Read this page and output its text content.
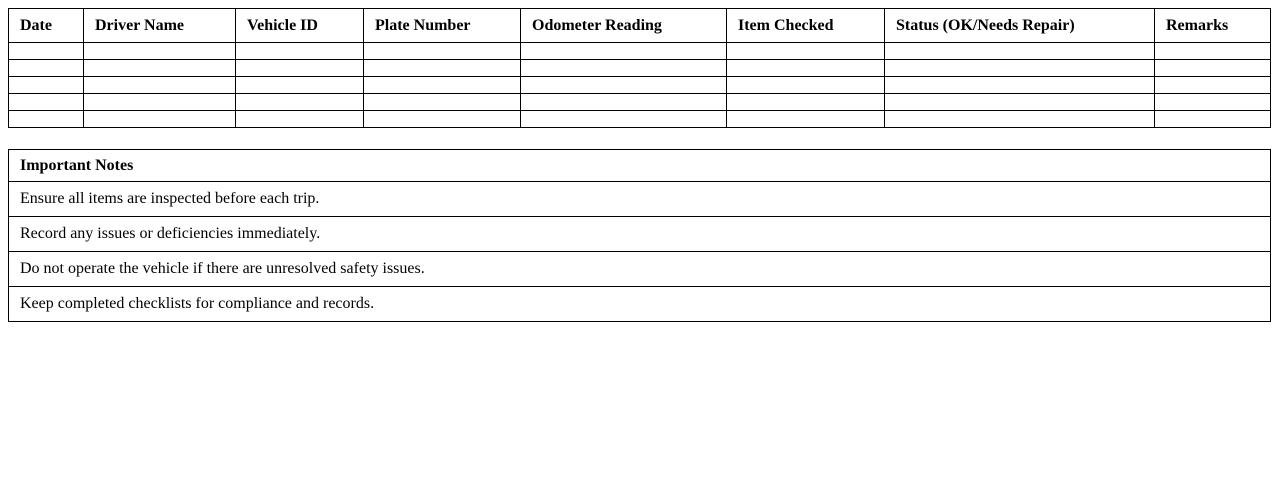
Date	Driver Name	Vehicle ID	Plate Number	Odometer Reading	Item Checked	Status (OK/Needs Repair)	Remarks

Important Notes
Ensure all items are inspected before each trip.
Record any issues or deficiencies immediately.
Do not operate the vehicle if there are unresolved safety issues.
Keep completed checklists for compliance and records.
